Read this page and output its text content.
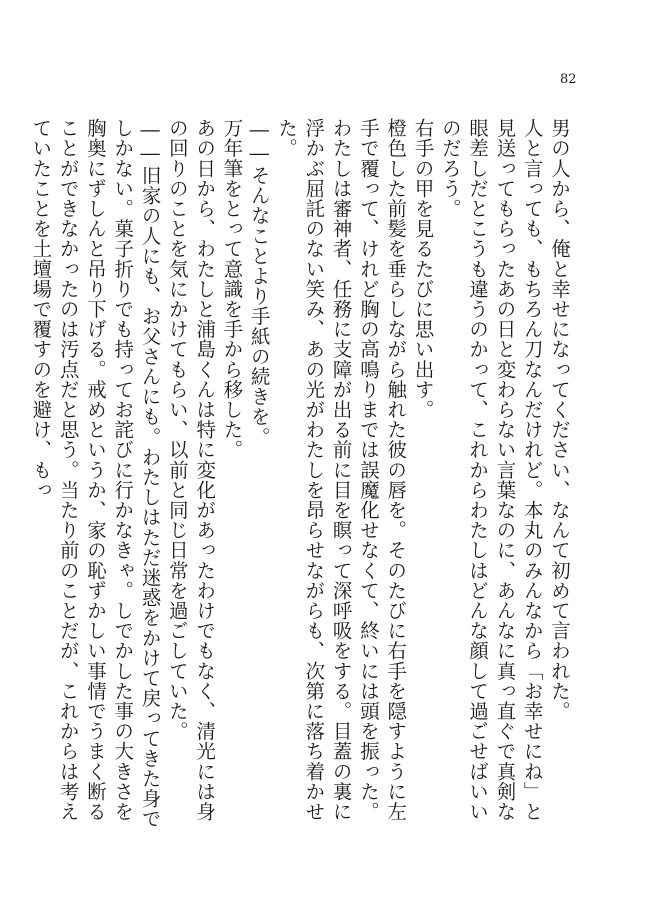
82

男の人から、俺と幸せになってください、なんて初めて言われた。

人と言っても、もちろん刀なんだけれど。本丸のみんなから「お幸せにね」と見送ってもらったあの日と変わらない言葉なのに、あんなに真っ直ぐで真剣な眼差しだとこうも違うのかって、これからわたしはどんな顔して過ごせばいいのだろう。

右手の甲を見るたびに思い出す。

橙色した前髪を垂らしながら触れた彼の唇を。そのたびに右手を隠すように左手で覆って、けれど胸の高鳴りまでは誤魔化せなくて、終いには頭を振った。わたしは審神者、任務に支障が出る前に目を瞑って深呼吸をする。目蓋の裏に浮かぶ屈託のない笑み、あの光がわたしを昂らせながらも、次第に落ち着かせた。

――そんなことより手紙の続きを。

万年筆をとって意識を手から移した。

あの日から、わたしと浦島くんは特に変化があったわけでもなく、清光には身の回りのことを気にかけてもらい、以前と同じ日常を過ごしていた。

――旧家の人にも、お父さんにも。わたしはただ迷惑をかけて戻ってきた身でしかない。菓子折りでも持ってお詫びに行かなきゃ。しでかした事の大きさを胸奥にずしんと吊り下げる。戒めというか、家の恥ずかしい事情でうまく断ることができなかったのは汚点だと思う。当たり前のことだが、これからは考えていたことを土壇場で覆すのを避け、もっ
